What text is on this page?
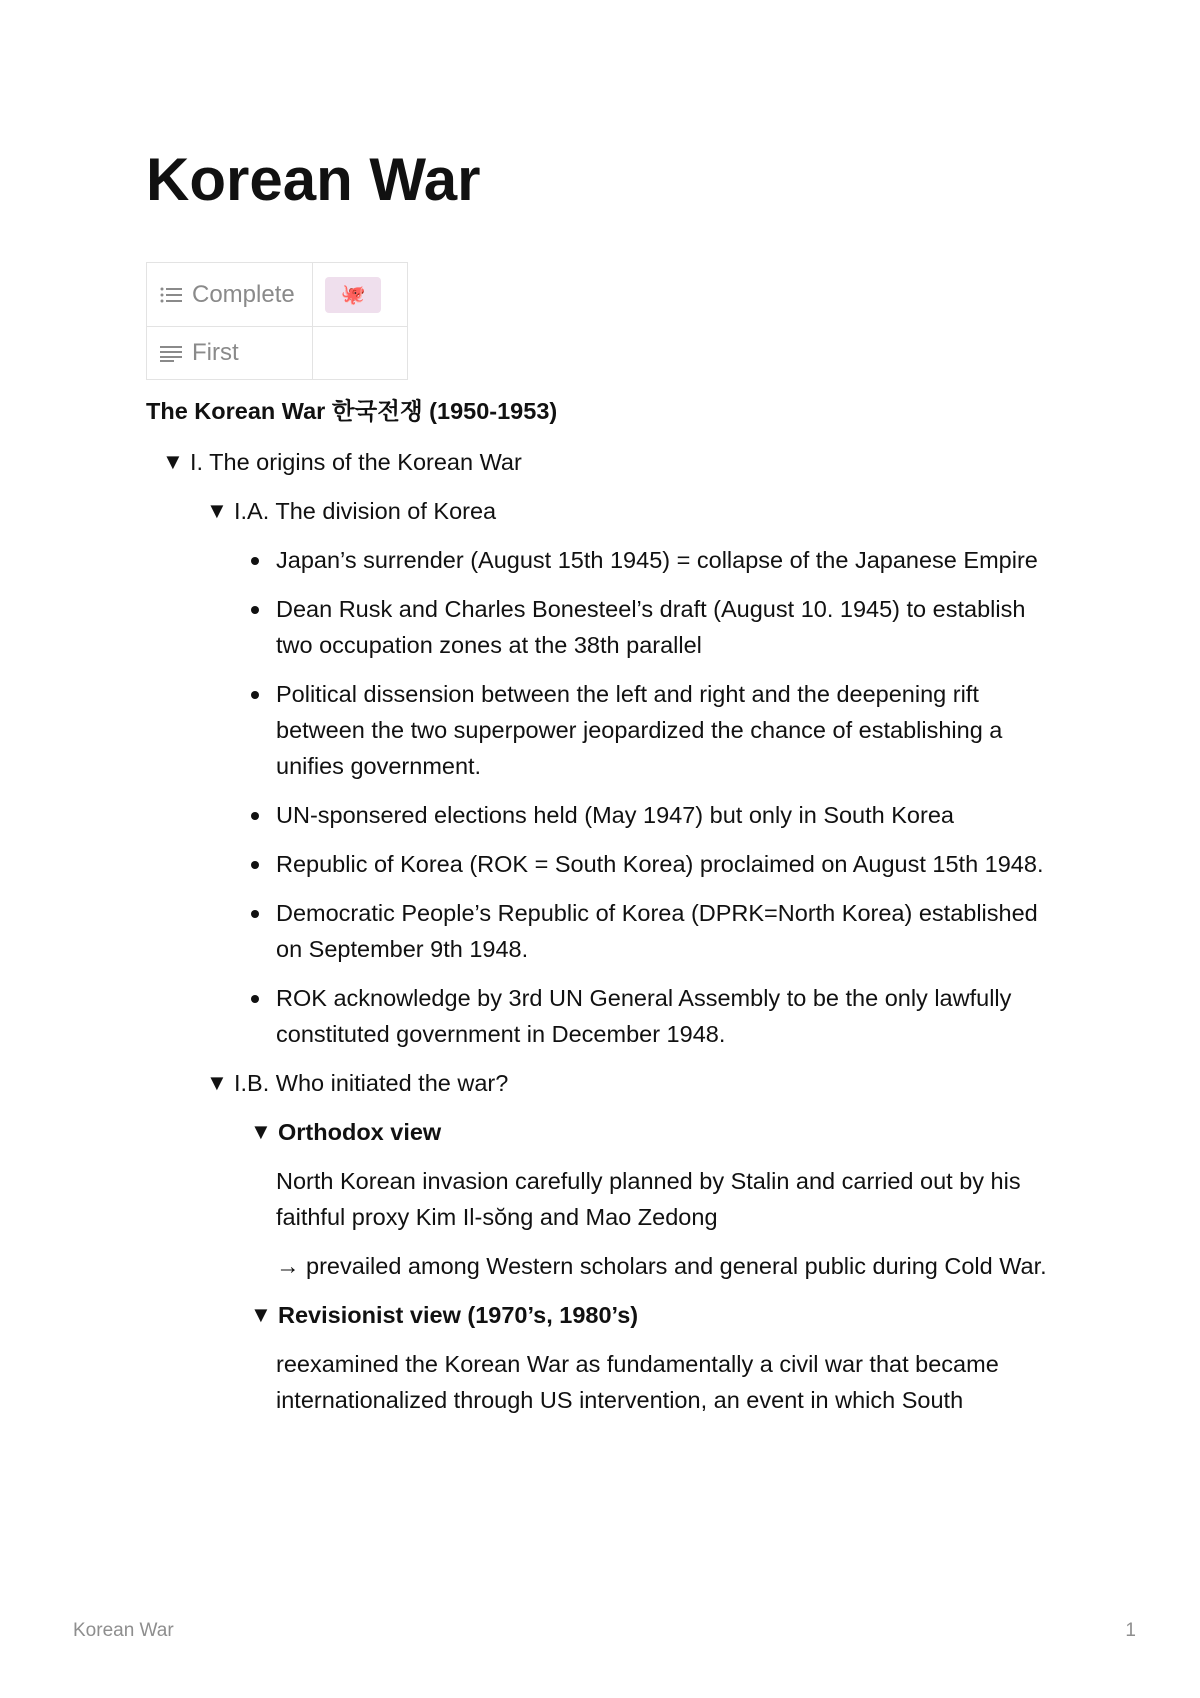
Korean War
Complete	🐙

First	

The Korean War 한국전쟁 (1950-1953)
▼ I. The origins of the Korean War
▼ I.A. The division of Korea
Japan’s surrender (August 15th 1945) = collapse of the Japanese Empire
Dean Rusk and Charles Bonesteel’s draft (August 10. 1945) to establish two occupation zones at the 38th parallel
Political dissension between the left and right and the deepening rift between the two superpower jeopardized the chance of establishing a unifies government.
UN-sponsered elections held (May 1947) but only in South Korea
Republic of Korea (ROK = South Korea) proclaimed on August 15th 1948.
Democratic People’s Republic of Korea (DPRK=North Korea) established on September 9th 1948.
ROK acknowledge by 3rd UN General Assembly to be the only lawfully constituted government in December 1948.
▼ I.B. Who initiated the war?
▼ Orthodox view

North Korean invasion carefully planned by Stalin and carried out by his faithful proxy Kim Il-sŏng and Mao Zedong

→ prevailed among Western scholars and general public during Cold War.

▼ Revisionist view (1970’s, 1980’s)

reexamined the Korean War as fundamentally a civil war that became internationalized through US intervention, an event in which South

Korean War	1
